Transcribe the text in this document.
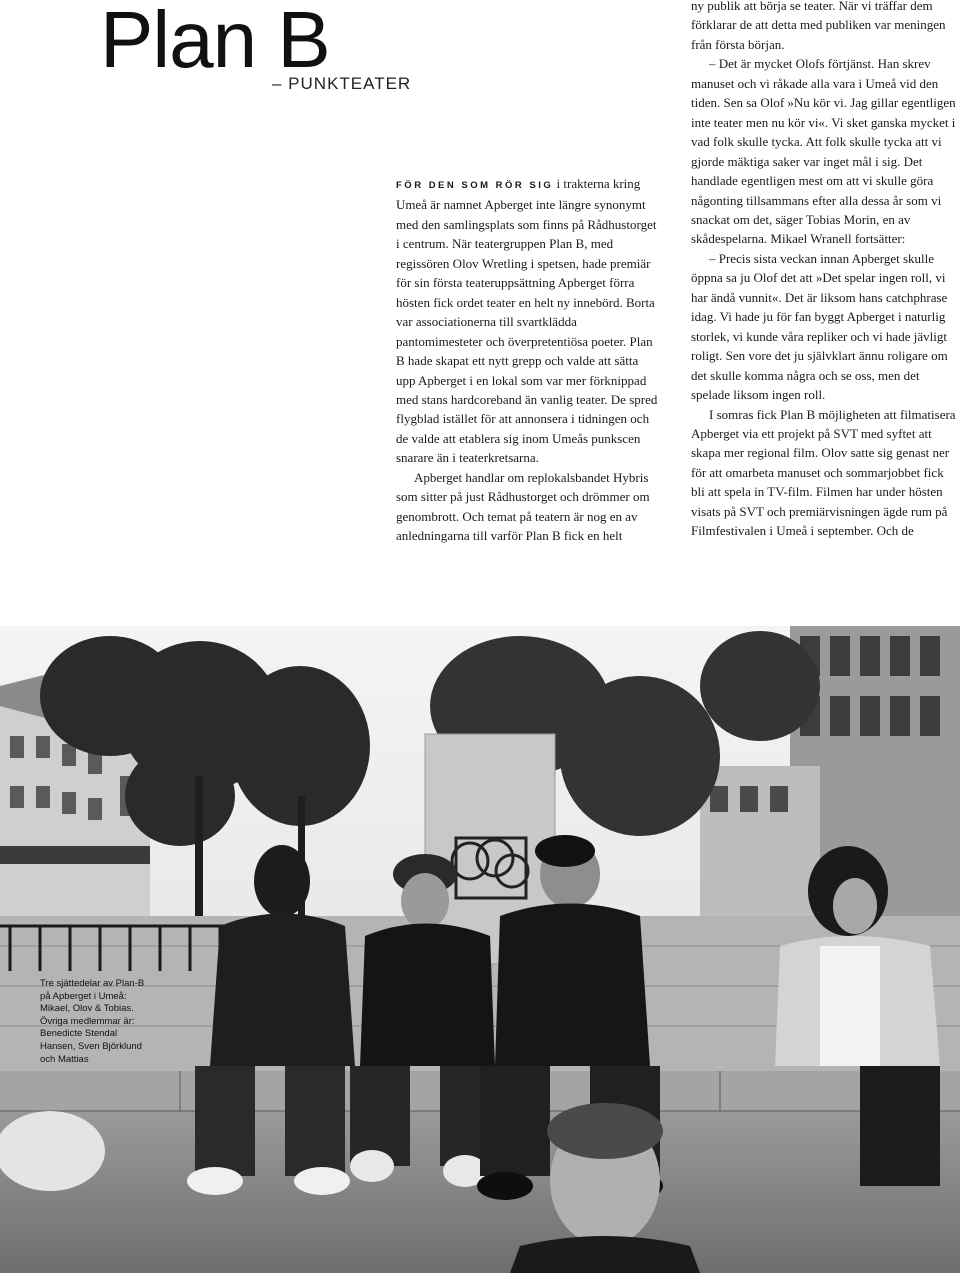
Plan B
– PUNKTEATER

FÖR DEN SOM RÖR SIG i trakterna kring Umeå är namnet Apberget inte längre synonymt med den samlingsplats som finns på Rådhustorget i centrum. När teatergruppen Plan B, med regissören Olov Wretling i spetsen, hade premiär för sin första teateruppsättning Apberget förra hösten fick ordet teater en helt ny innebörd. Borta var associationerna till svartklädda pantomimesteter och överpretentiösa poeter. Plan B hade skapat ett nytt grepp och valde att sätta upp Apberget i en lokal som var mer förknippad med stans hardcoreband än vanlig teater. De spred flygblad istället för att annonsera i tidningen och de valde att etablera sig inom Umeås punkscen snarare än i teaterkretsarna.

Apberget handlar om replokalsbandet Hybris som sitter på just Rådhustorget och drömmer om genombrott. Och temat på teatern är nog en av anledningarna till varför Plan B fick en helt

ny publik att börja se teater. När vi träffar dem förklarar de att detta med publiken var meningen från första början.

– Det är mycket Olofs förtjänst. Han skrev manuset och vi råkade alla vara i Umeå vid den tiden. Sen sa Olof »Nu kör vi. Jag gillar egentligen inte teater men nu kör vi«. Vi sket ganska mycket i vad folk skulle tycka. Att folk skulle tycka att vi gjorde mäktiga saker var inget mål i sig. Det handlade egentligen mest om att vi skulle göra någonting tillsammans efter alla dessa år som vi snackat om det, säger Tobias Morin, en av skådespelarna. Mikael Wranell fortsätter:

– Precis sista veckan innan Apberget skulle öppna sa ju Olof det att »Det spelar ingen roll, vi har ändå vunnit«. Det är liksom hans catchphrase idag. Vi hade ju för fan byggt Apberget i naturlig storlek, vi kunde våra repliker och vi hade jävligt roligt. Sen vore det ju självklart ännu roligare om det skulle komma några och se oss, men det spelade liksom ingen roll.

I somras fick Plan B möjligheten att filmatisera Apberget via ett projekt på SVT med syftet att skapa mer regional film. Olov satte sig genast ner för att omarbeta manuset och sommarjobbet fick bli att spela in TV-film. Filmen har under hösten visats på SVT och premiärvisningen ägde rum på Filmfestivalen i Umeå i september. Och de

Tre sjättedelar av Plan-B på Apberget i Umeå: Mikael, Olov & Tobias. Övriga medlemmar är: Benedicte Stendal Hansen, Sven Björklund och Mattias
